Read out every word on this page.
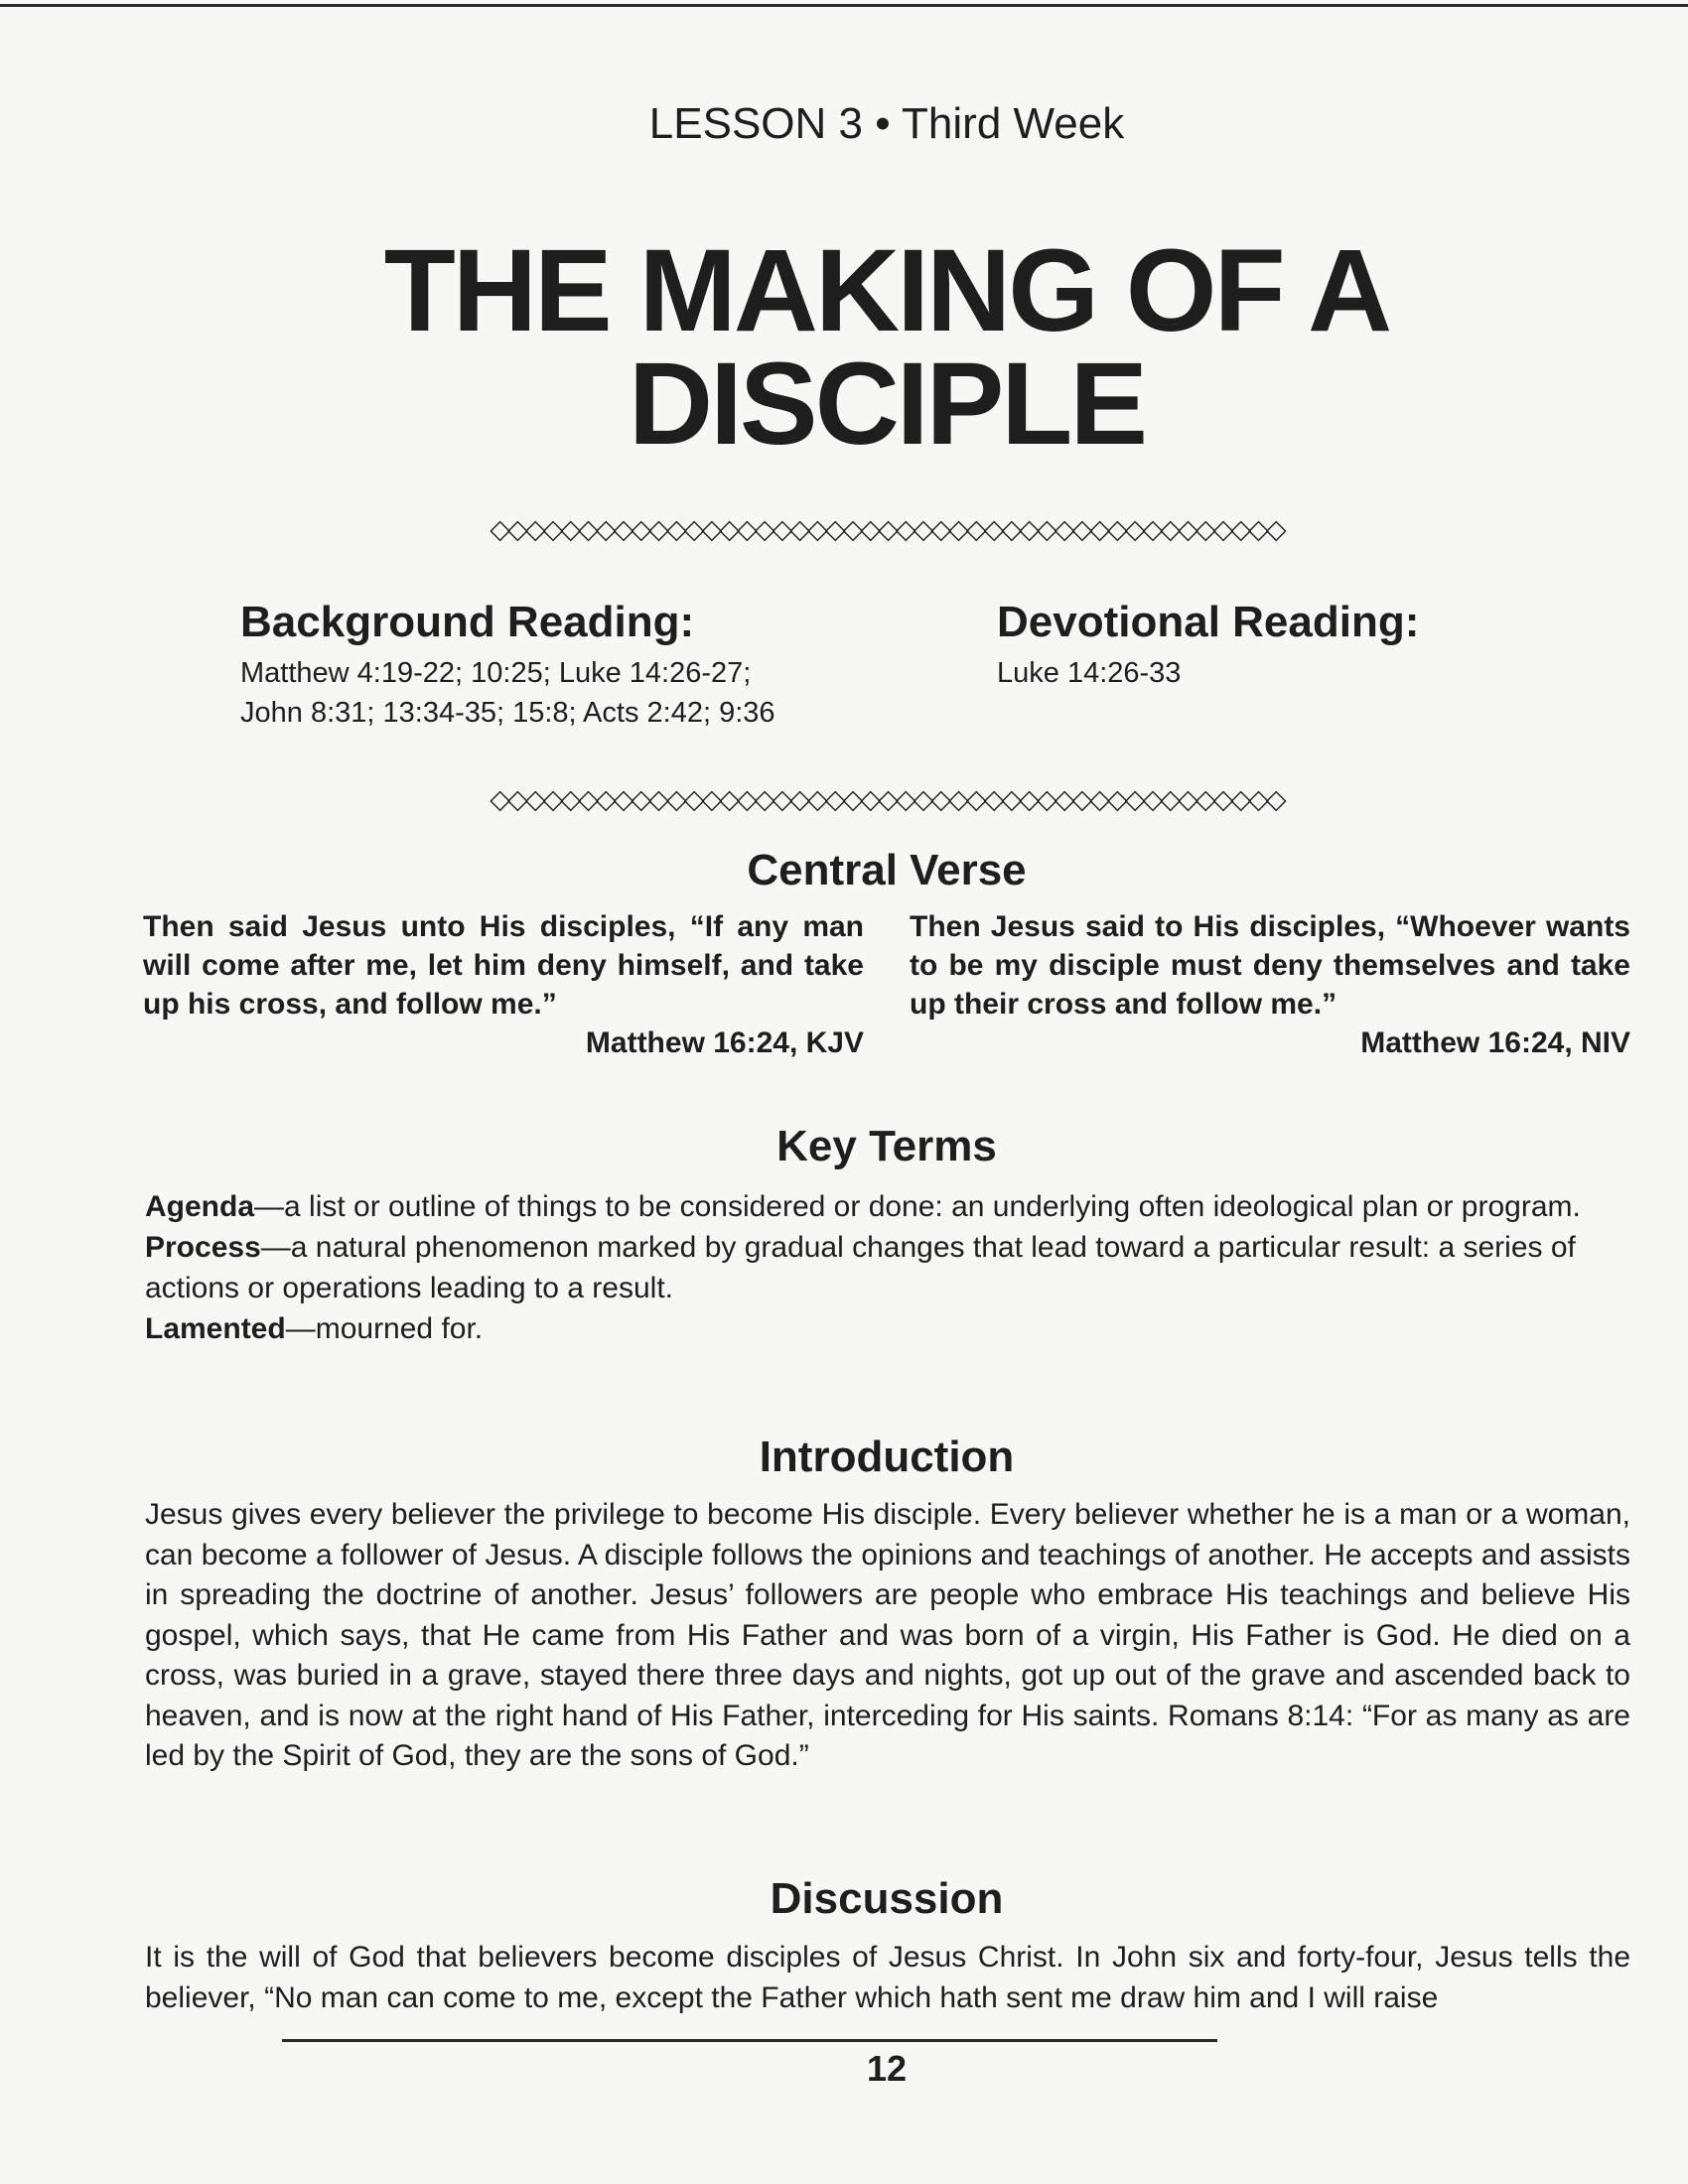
LESSON 3 • Third Week
THE MAKING OF A
DISCIPLE
◇◇◇◇◇◇◇◇◇◇◇◇◇◇◇◇◇◇◇◇◇◇◇◇◇◇◇◇◇◇◇◇◇◇◇◇◇◇◇◇◇◇◇◇◇
Background Reading:
Matthew 4:19-22; 10:25; Luke 14:26-27;
John 8:31; 13:34-35; 15:8; Acts 2:42; 9:36
Devotional Reading:
Luke 14:26-33
◇◇◇◇◇◇◇◇◇◇◇◇◇◇◇◇◇◇◇◇◇◇◇◇◇◇◇◇◇◇◇◇◇◇◇◇◇◇◇◇◇◇◇◇◇
Central Verse
Then said Jesus unto His disciples, “If any man will come after me, let him deny himself, and take up his cross, and follow me.”
Matthew 16:24, KJV
Then Jesus said to His disciples, “Whoever wants to be my disciple must deny themselves and take up their cross and follow me.”
Matthew 16:24, NIV
Key Terms
Agenda—a list or outline of things to be considered or done: an underlying often ideological plan or program.
Process—a natural phenomenon marked by gradual changes that lead toward a particular result: a series of actions or operations leading to a result.
Lamented—mourned for.
Introduction
Jesus gives every believer the privilege to become His disciple. Every believer whether he is a man or a woman, can become a follower of Jesus. A disciple follows the opinions and teachings of another. He accepts and assists in spreading the doctrine of another. Jesus’ followers are people who embrace His teachings and believe His gospel, which says, that He came from His Father and was born of a virgin, His Father is God. He died on a cross, was buried in a grave, stayed there three days and nights, got up out of the grave and ascended back to heaven, and is now at the right hand of His Father, interceding for His saints. Romans 8:14: “For as many as are led by the Spirit of God, they are the sons of God.”
Discussion
It is the will of God that believers become disciples of Jesus Christ. In John six and forty-four, Jesus tells the believer, “No man can come to me, except the Father which hath sent me draw him and I will raise
12
